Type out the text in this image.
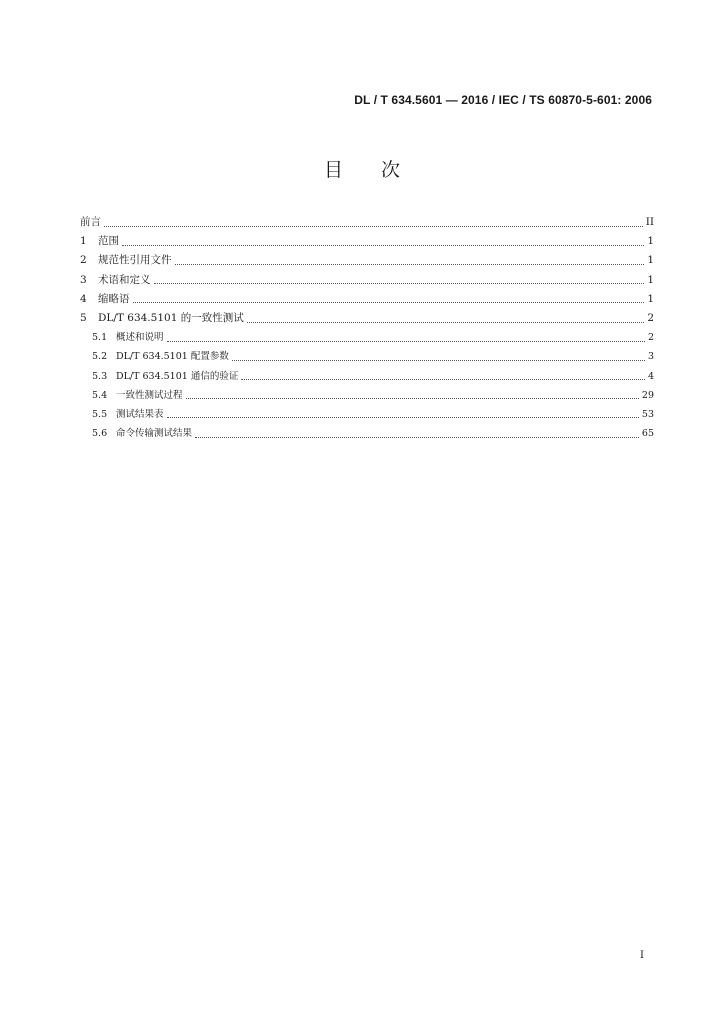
DL / T 634.5601 — 2016 / IEC / TS 60870-5-601: 2006
目　　次
前言	II
1	范围	1
2	规范性引用文件	1
3	术语和定义	1
4	缩略语	1
5	DL/T 634.5101 的一致性测试	2
5.1 概述和说明	2
5.2 DL/T 634.5101 配置参数	3
5.3 DL/T 634.5101 通信的验证	4
5.4 一致性测试过程	29
5.5 测试结果表	53
5.6 命令传输测试结果	65
I
